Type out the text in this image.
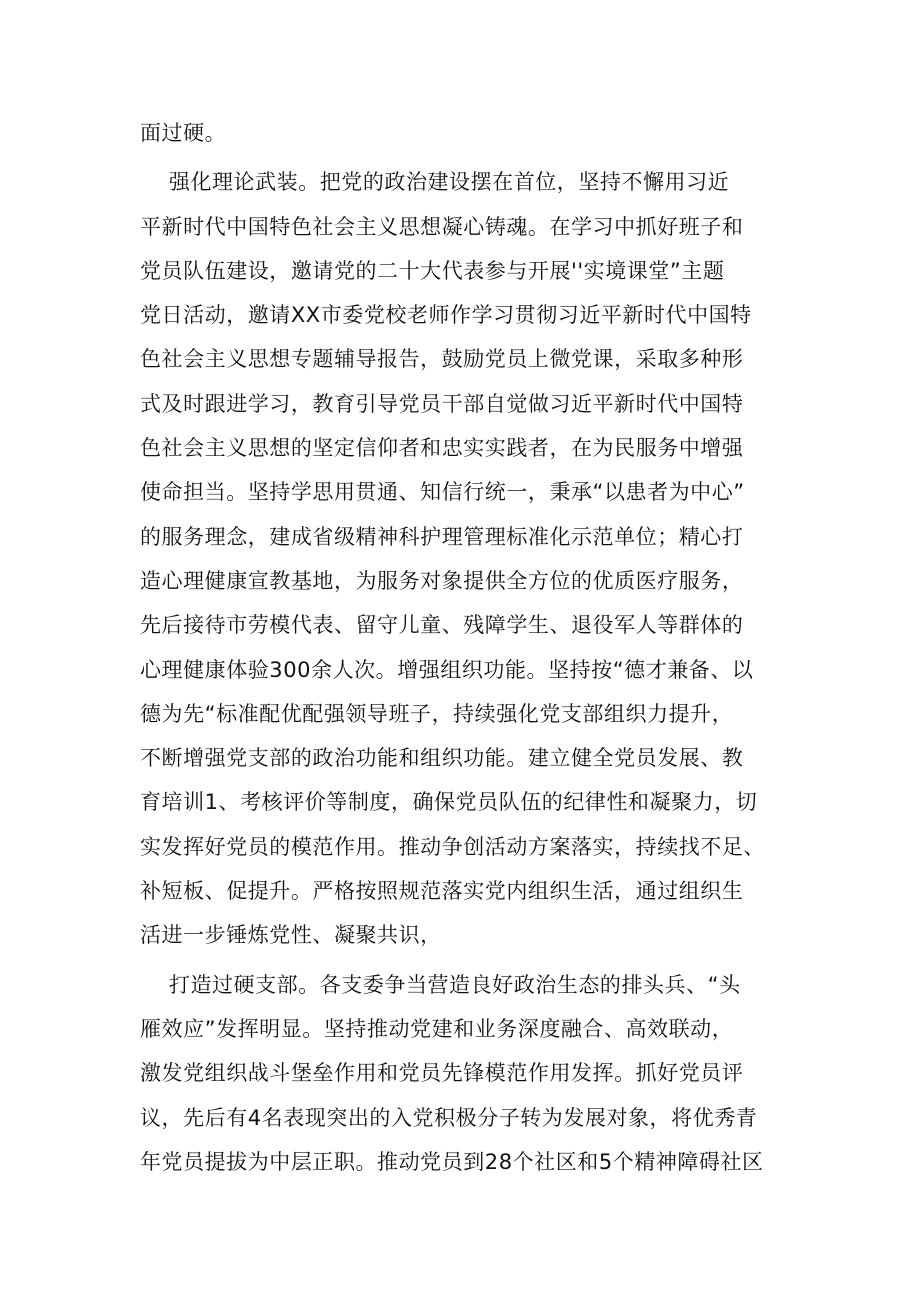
面过硬。
强化理论武装。把党的政治建设摆在首位，坚持不懈用习近
平新时代中国特色社会主义思想凝心铸魂。在学习中抓好班子和
党员队伍建设，邀请党的二十大代表参与开展''实境课堂”主题
党日活动，邀请XX市委党校老师作学习贯彻习近平新时代中国特
色社会主义思想专题辅导报告，鼓励党员上微党课，采取多种形
式及时跟进学习，教育引导党员干部自觉做习近平新时代中国特
色社会主义思想的坚定信仰者和忠实实践者，在为民服务中增强
使命担当。坚持学思用贯通、知信行统一，秉承“以患者为中心”
的服务理念，建成省级精神科护理管理标准化示范单位；精心打
造心理健康宣教基地，为服务对象提供全方位的优质医疗服务，
先后接待市劳模代表、留守儿童、残障学生、退役军人等群体的
心理健康体验300余人次。增强组织功能。坚持按“德才兼备、以
德为先“标准配优配强领导班子，持续强化党支部组织力提升，
不断增强党支部的政治功能和组织功能。建立健全党员发展、教
育培训1、考核评价等制度，确保党员队伍的纪律性和凝聚力，切
实发挥好党员的模范作用。推动争创活动方案落实，持续找不足、
补短板、促提升。严格按照规范落实党内组织生活，通过组织生
活进一步锤炼党性、凝聚共识，
打造过硬支部。各支委争当营造良好政治生态的排头兵、“头
雁效应”发挥明显。坚持推动党建和业务深度融合、高效联动，
激发党组织战斗堡垒作用和党员先锋模范作用发挥。抓好党员评
议，先后有4名表现突出的入党积极分子转为发展对象，将优秀青
年党员提拔为中层正职。推动党员到28个社区和5个精神障碍社区
